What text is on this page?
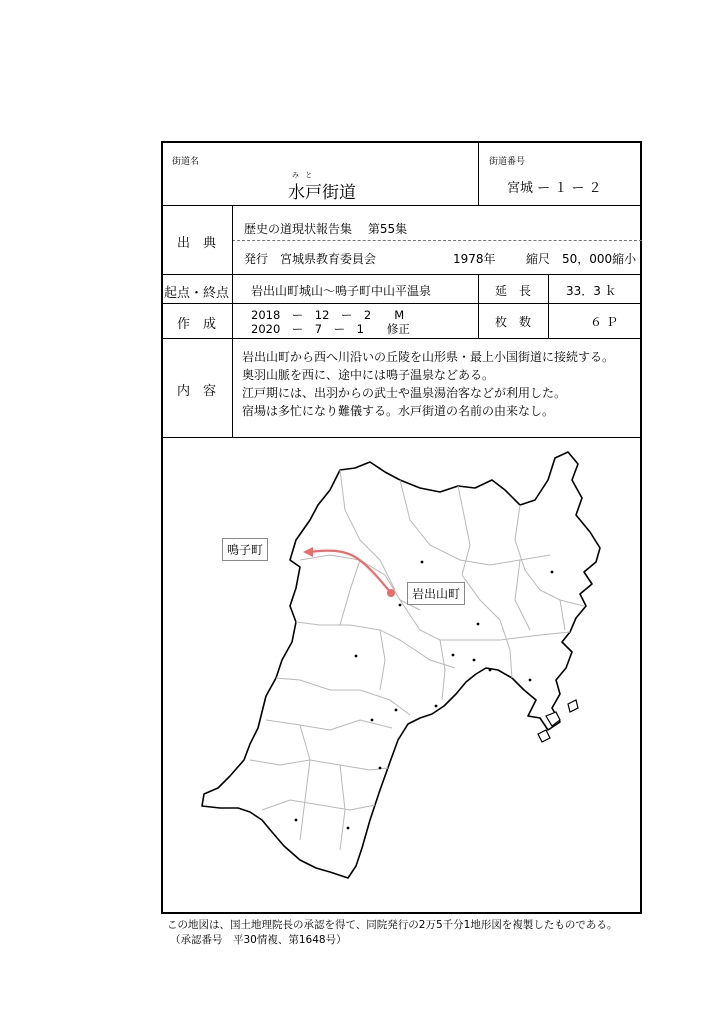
街道名
み と
水戸街道
街道番号
宮城 ー １ ー ２
出　典
歴史の道現状報告集　 第55集
発行　宮城県教育委員会	1978年	縮尺　50，000縮小
起点・終点 岩出山町城山～鳴子町中山平温泉	延　長	33．3 ｋ
作　成
2018　ー　12　ー　2　　M
2020　ー　7　ー　1　　修正	枚　数	６ Ｐ
内　容
岩出山町から西へ川沿いの丘陵を山形県・最上小国街道に接続する。
奥羽山脈を西に、途中には鳴子温泉などある。
江戸期には、出羽からの武士や温泉湯治客などが利用した。
宿場は多忙になり難儀する。水戸街道の名前の由来なし。
鳴子町
岩出山町
この地図は、国土地理院長の承認を得て、同院発行の2万5千分1地形図を複製したものである。
（承認番号　平30情複、第1648号）
